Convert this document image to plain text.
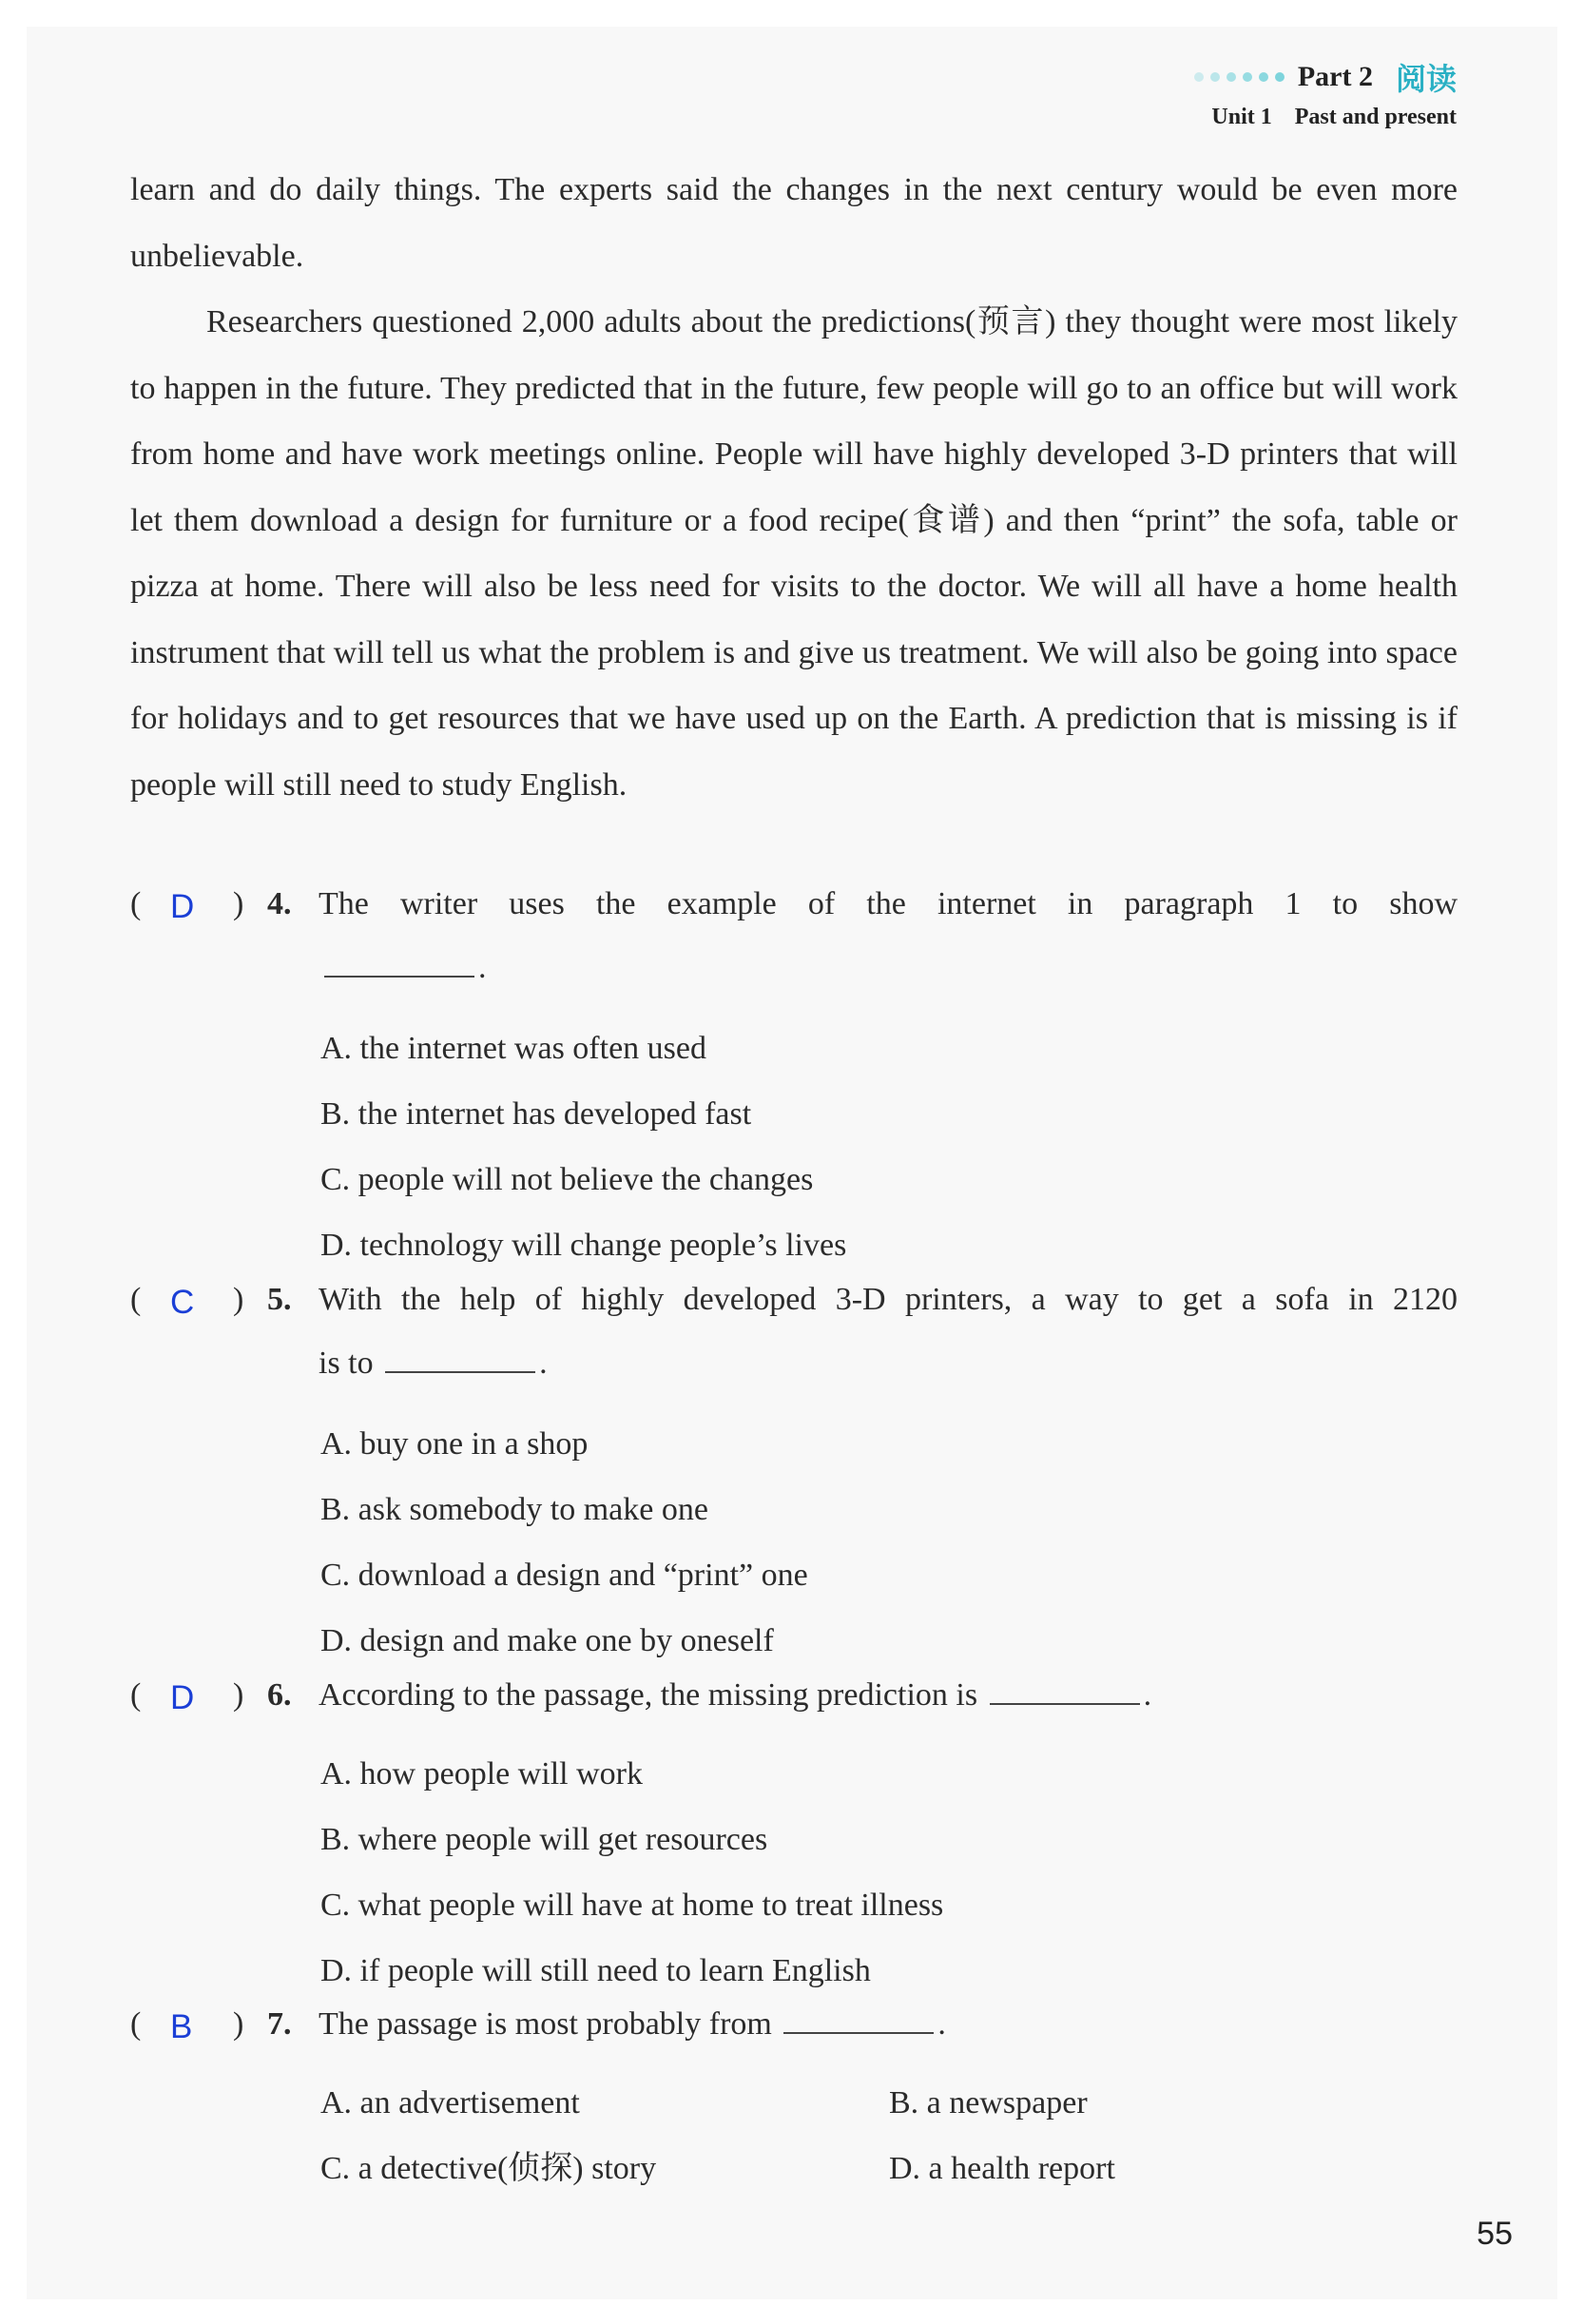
Part 2 阅读
Unit 1 Past and present

learn and do daily things. The experts said the changes in the next century would be even more unbelievable.

Researchers questioned 2,000 adults about the predictions(预言) they thought were most likely to happen in the future. They predicted that in the future, few people will go to an office but will work from home and have work meetings online. People will have highly developed 3-D printers that will let them download a design for furniture or a food recipe(食谱) and then “print” the sofa, table or pizza at home. There will also be less need for visits to the doctor. We will all have a home health instrument that will tell us what the problem is and give us treatment. We will also be going into space for holidays and to get resources that we have used up on the Earth. A prediction that is missing is if people will still need to study English.

( D	) 4. The writer uses the example of the internet in paragraph 1 to show
.
A. the internet was often used
B. the internet has developed fast
C. people will not believe the changes
D. technology will change people’s lives
( C	) 5. With the help of highly developed 3-D printers, a way to get a sofa in 2120
is to
	.
A. buy one in a shop
B. ask somebody to make one
C. download a design and “print” one
D. design and make one by oneself
( D	) 6. According to the passage, the missing prediction is	.
A. how people will work
B. where people will get resources
C. what people will have at home to treat illness
D. if people will still need to learn English
( B	) 7. The passage is most probably from	.
A. an advertisement	B. a newspaper
C. a detective(侦探) story	D. a health report
55
